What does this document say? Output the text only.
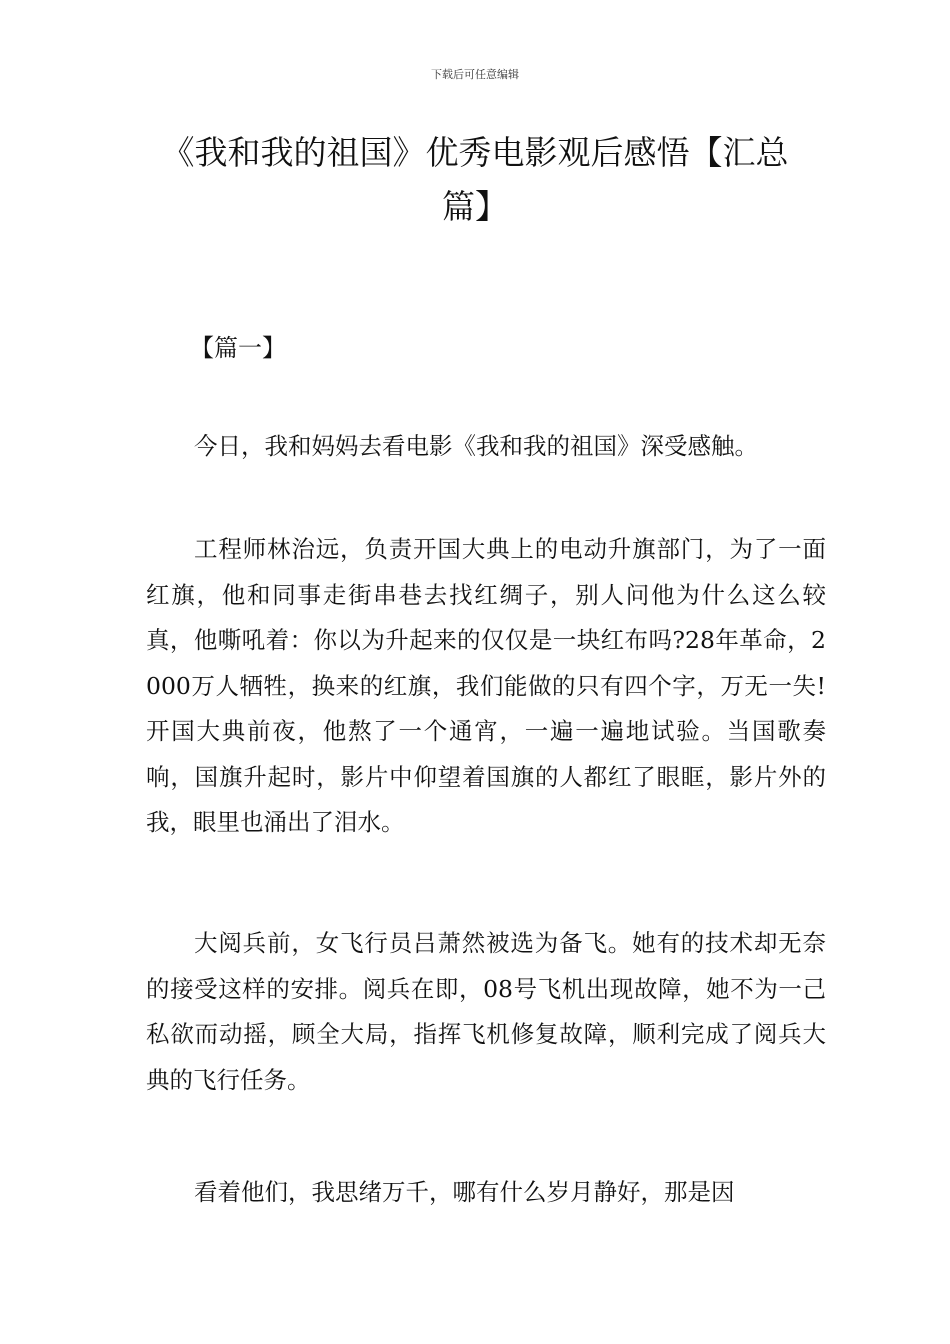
下载后可任意编辑
《我和我的祖国》优秀电影观后感悟【汇总篇】
【篇一】

今日，我和妈妈去看电影《我和我的祖国》深受感触。

工程师林治远，负责开国大典上的电动升旗部门，为了一面红旗，他和同事走街串巷去找红绸子，别人问他为什么这么较真，他嘶吼着：你以为升起来的仅仅是一块红布吗?28年革命，2000万人牺牲，换来的红旗，我们能做的只有四个字，万无一失!开国大典前夜，他熬了一个通宵，一遍一遍地试验。当国歌奏响，国旗升起时，影片中仰望着国旗的人都红了眼眶，影片外的我，眼里也涌出了泪水。

大阅兵前，女飞行员吕萧然被选为备飞。她有的技术却无奈的接受这样的安排。阅兵在即，08号飞机出现故障，她不为一己私欲而动摇，顾全大局，指挥飞机修复故障，顺利完成了阅兵大典的飞行任务。

看着他们，我思绪万千，哪有什么岁月静好，那是因
